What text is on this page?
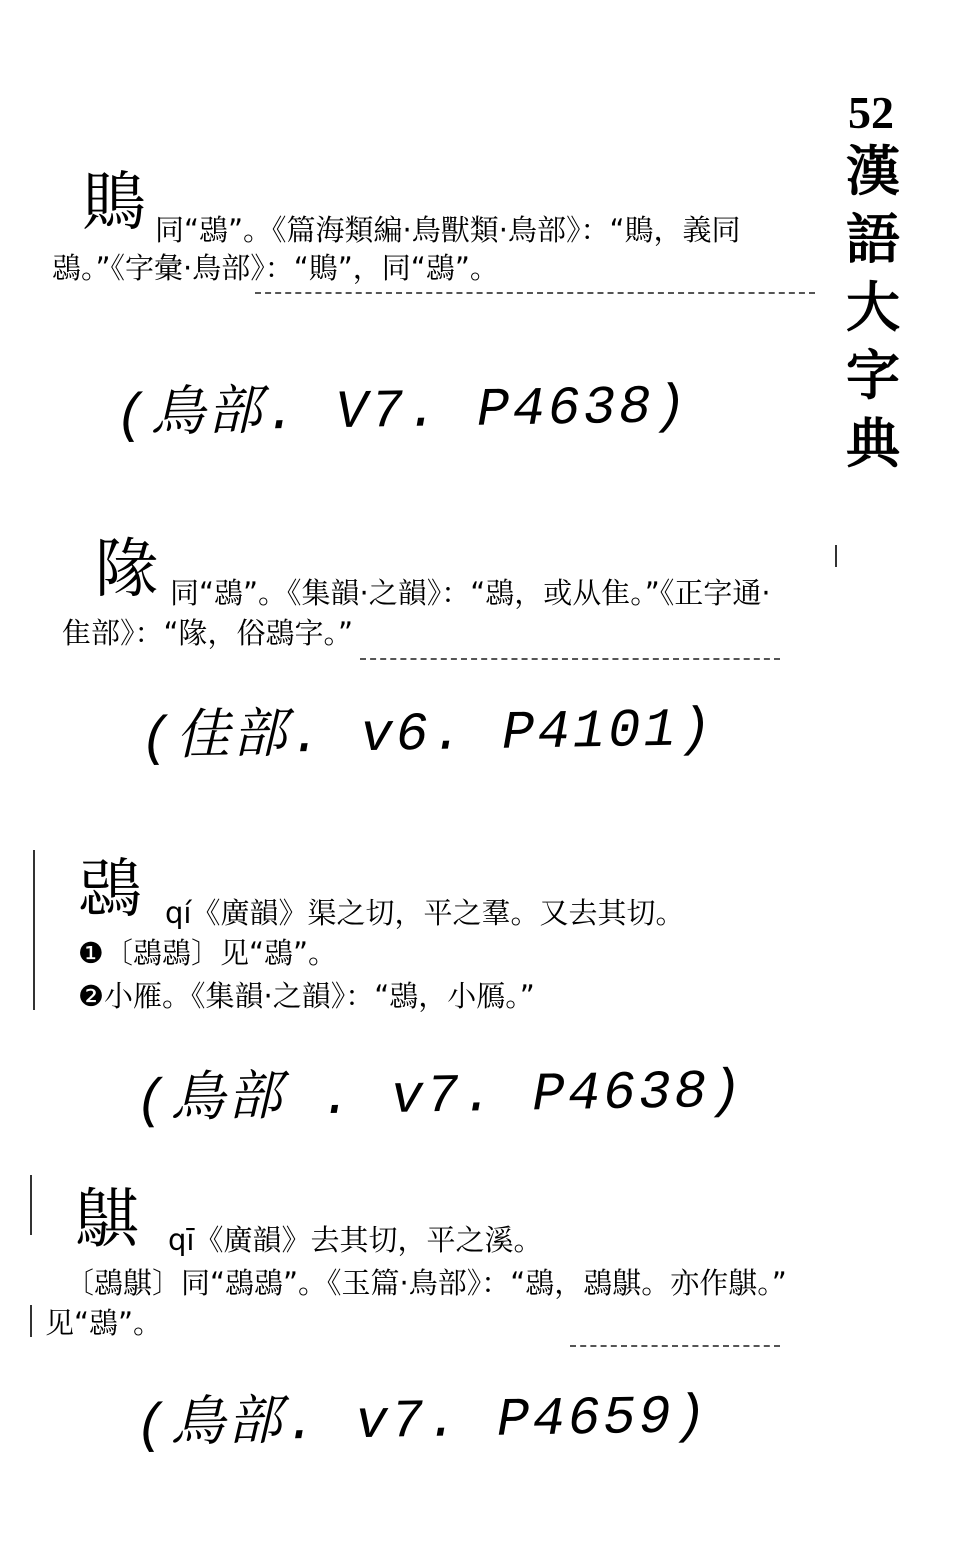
52
漢語大字典
鵙 同“鵋”。《篇海類編·鳥獸類·鳥部》：“鵙，義同
鵋。”《字彙·鳥部》：“鵙”，同“鵋”。
(鳥部. V7. P4638)
䧘 同“鵋”。《集韻·之韻》：“鵋，或从隹。”《正字通·
隹部》：“䧘，俗鵋字。”
(佳部. v6. P4101)
鵋 qí《廣韻》渠之切，平之羣。又去其切。
❶〔鵋鵋〕见“鵋”。
❷小雁。《集韻·之韻》：“鵋，小鴈。”
(鳥部 . v7. P4638)
鶀 qī《廣韻》去其切，平之溪。
〔鵋鶀〕同“鵋鵋”。《玉篇·鳥部》：“鵋，鵋鶀。亦作鶀。”
见“鵋”。
(鳥部. v7. P4659)
